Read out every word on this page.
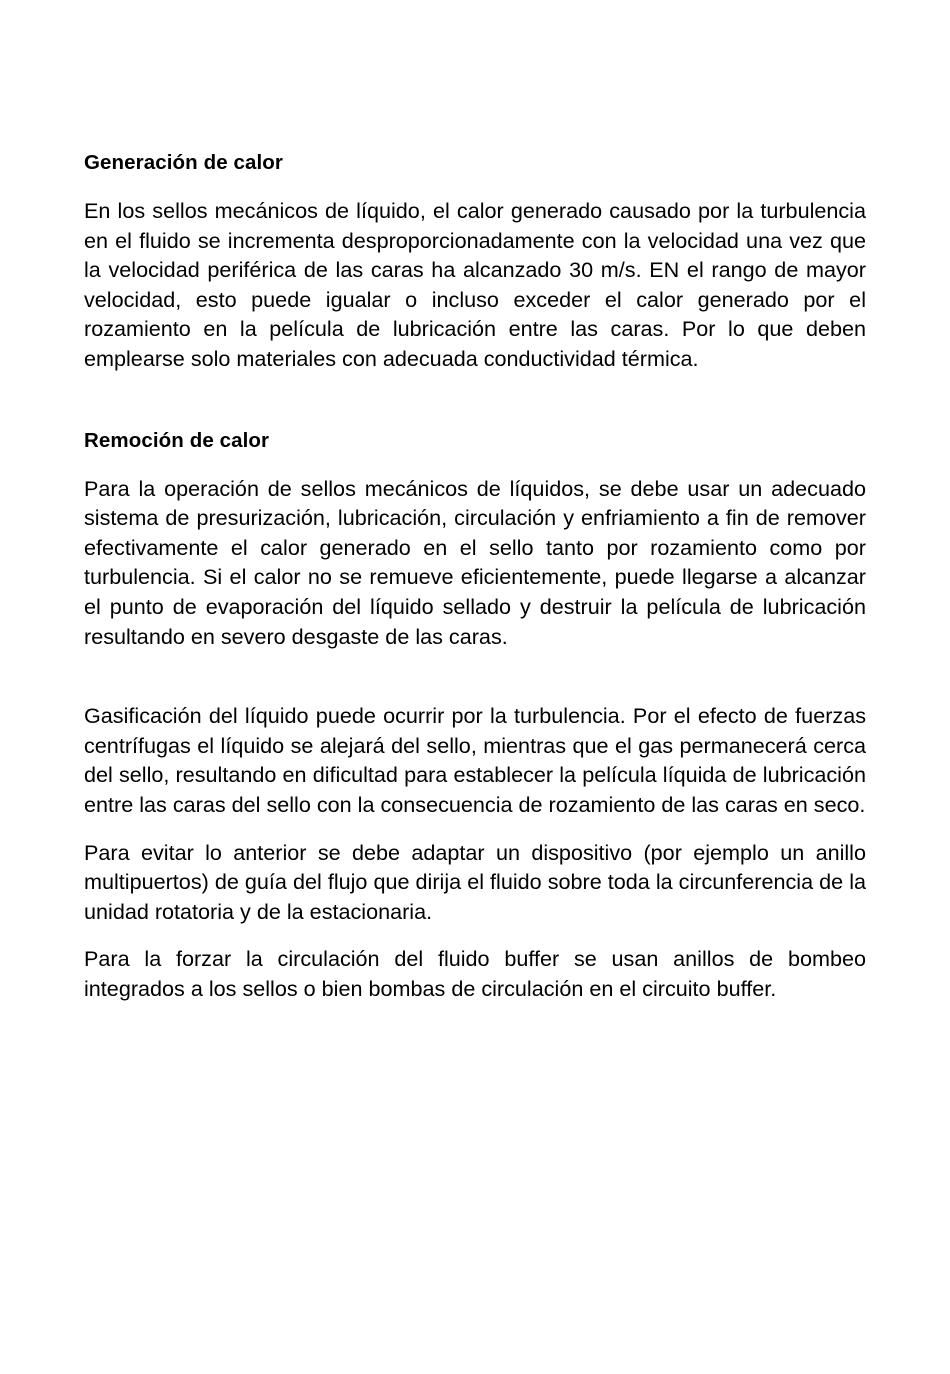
Generación de calor

En los sellos mecánicos de líquido, el calor generado causado por la turbulencia en el fluido se incrementa desproporcionadamente con la velocidad una vez que la velocidad periférica de las caras ha alcanzado 30 m/s. EN el rango de mayor velocidad, esto puede igualar o incluso exceder el calor generado por el rozamiento en la película de lubricación entre las caras. Por lo que deben emplearse solo materiales con adecuada conductividad térmica.

Remoción de calor

Para la operación de sellos mecánicos de líquidos, se debe usar un adecuado sistema de presurización, lubricación, circulación y enfriamiento a fin de remover efectivamente el calor generado en el sello tanto por rozamiento como por turbulencia. Si el calor no se remueve eficientemente, puede llegarse a alcanzar el punto de evaporación del líquido sellado y destruir la película de lubricación resultando en severo desgaste de las caras.

Gasificación del líquido puede ocurrir por la turbulencia. Por el efecto de fuerzas centrífugas el líquido se alejará del sello, mientras que el gas permanecerá cerca del sello, resultando en dificultad para establecer la película líquida de lubricación entre las caras del sello con la consecuencia de rozamiento de las caras en seco.

Para evitar lo anterior se debe adaptar un dispositivo (por ejemplo un anillo multipuertos) de guía del flujo que dirija el fluido sobre toda la circunferencia de la unidad rotatoria y de la estacionaria.

Para la forzar la circulación del fluido buffer se usan anillos de bombeo integrados a los sellos o bien bombas de circulación en el circuito buffer.
